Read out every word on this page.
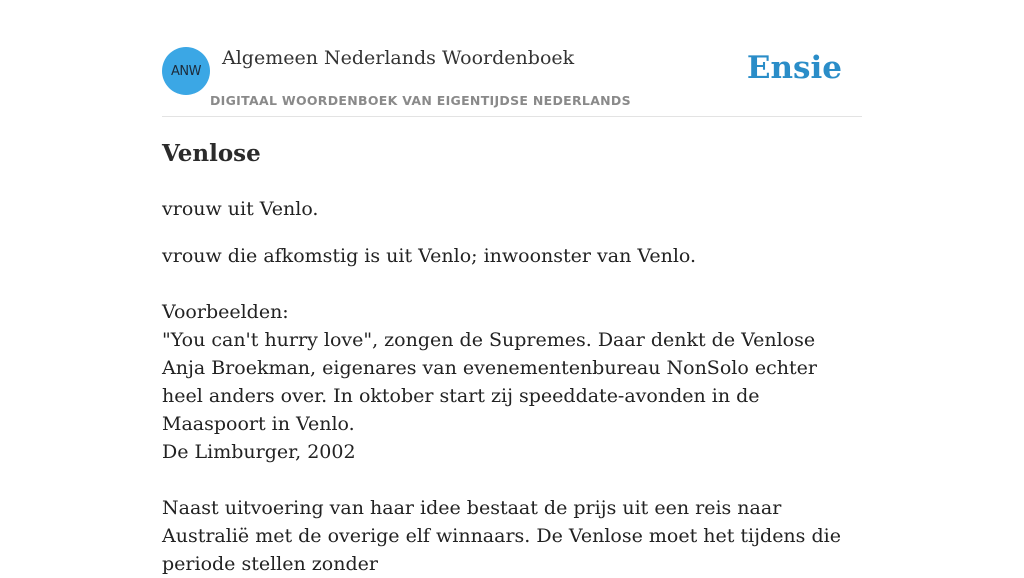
ANW
Algemeen Nederlands Woordenboek
DIGITAAL WOORDENBOEK VAN EIGENTIJDSE NEDERLANDS
Ensie
Venlose

vrouw uit Venlo.

vrouw die afkomstig is uit Venlo; inwoonster van Venlo.

Voorbeelden:
"You can't hurry love", zongen de Supremes. Daar denkt de Venlose Anja Broekman, eigenares van evenementenbureau NonSolo echter heel anders over. In oktober start zij speeddate-avonden in de Maaspoort in Venlo.
De Limburger, 2002
Naast uitvoering van haar idee bestaat de prijs uit een reis naar Australië met de overige elf winnaars. De Venlose moet het tijdens die periode stellen zonder
